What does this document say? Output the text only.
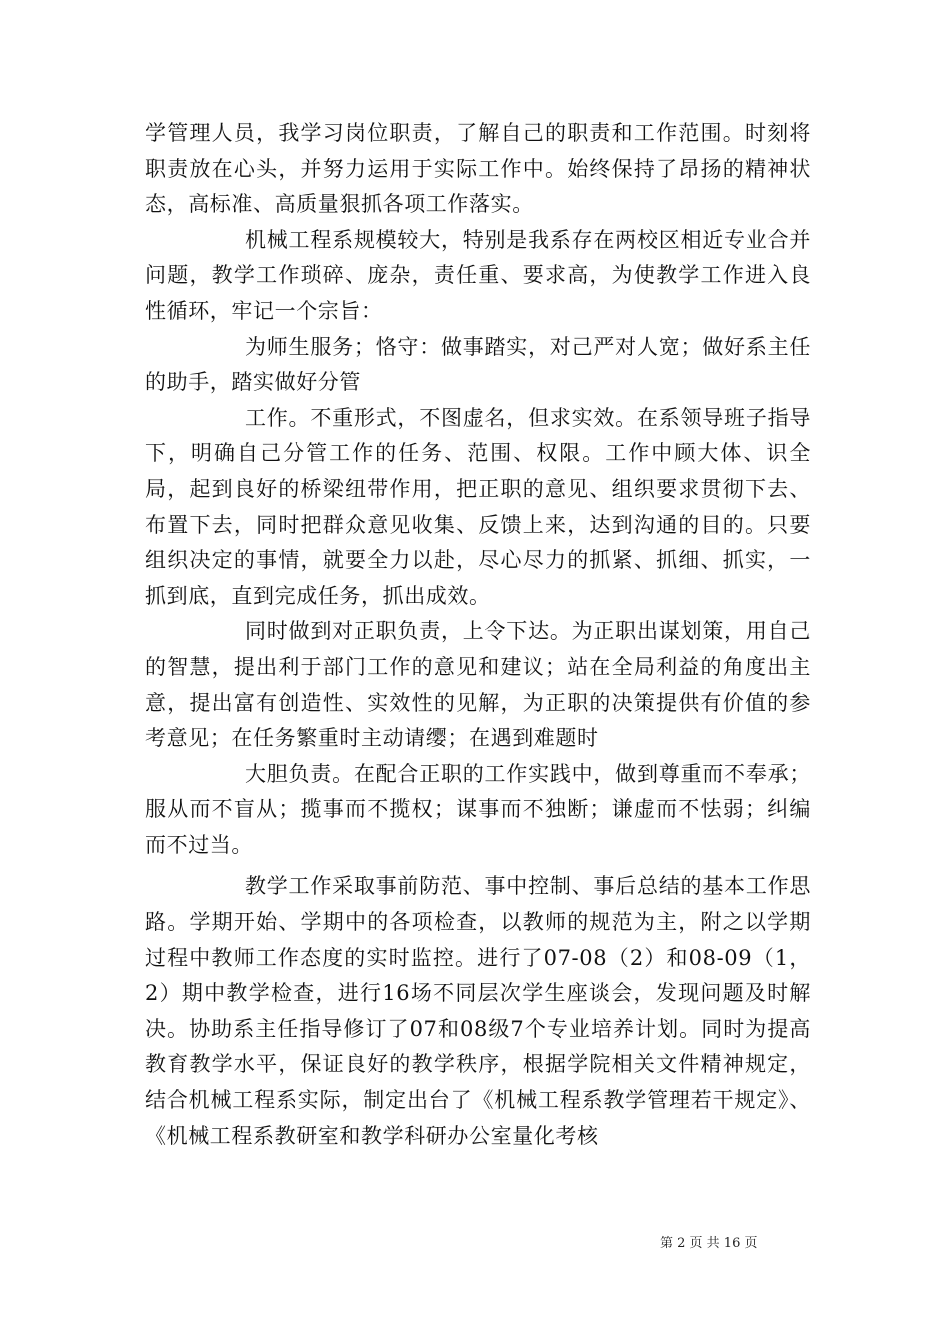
学管理人员，我学习岗位职责，了解自己的职责和工作范围。时刻将职责放在心头，并努力运用于实际工作中。始终保持了昂扬的精神状态，高标准、高质量狠抓各项工作落实。

机械工程系规模较大，特别是我系存在两校区相近专业合并问题，教学工作琐碎、庞杂，责任重、要求高，为使教学工作进入良性循环，牢记一个宗旨：

为师生服务；恪守：做事踏实，对己严对人宽；做好系主任的助手，踏实做好分管

工作。不重形式，不图虚名，但求实效。在系领导班子指导下，明确自己分管工作的任务、范围、权限。工作中顾大体、识全局，起到良好的桥梁纽带作用，把正职的意见、组织要求贯彻下去、布置下去，同时把群众意见收集、反馈上来，达到沟通的目的。只要组织决定的事情，就要全力以赴，尽心尽力的抓紧、抓细、抓实，一抓到底，直到完成任务，抓出成效。

同时做到对正职负责，上令下达。为正职出谋划策，用自己的智慧，提出利于部门工作的意见和建议；站在全局利益的角度出主意，提出富有创造性、实效性的见解，为正职的决策提供有价值的参考意见；在任务繁重时主动请缨；在遇到难题时

大胆负责。在配合正职的工作实践中，做到尊重而不奉承；服从而不盲从；揽事而不揽权；谋事而不独断；谦虚而不怯弱；纠编而不过当。

教学工作采取事前防范、事中控制、事后总结的基本工作思路。学期开始、学期中的各项检查，以教师的规范为主，附之以学期过程中教师工作态度的实时监控。进行了07-08（2）和08-09（1，2）期中教学检查，进行16场不同层次学生座谈会，发现问题及时解决。协助系主任指导修订了07和08级7个专业培养计划。同时为提高教育教学水平，保证良好的教学秩序，根据学院相关文件精神规定，结合机械工程系实际，制定出台了《机械工程系教学管理若干规定》、《机械工程系教研室和教学科研办公室量化考核

第 2 页 共 16 页
